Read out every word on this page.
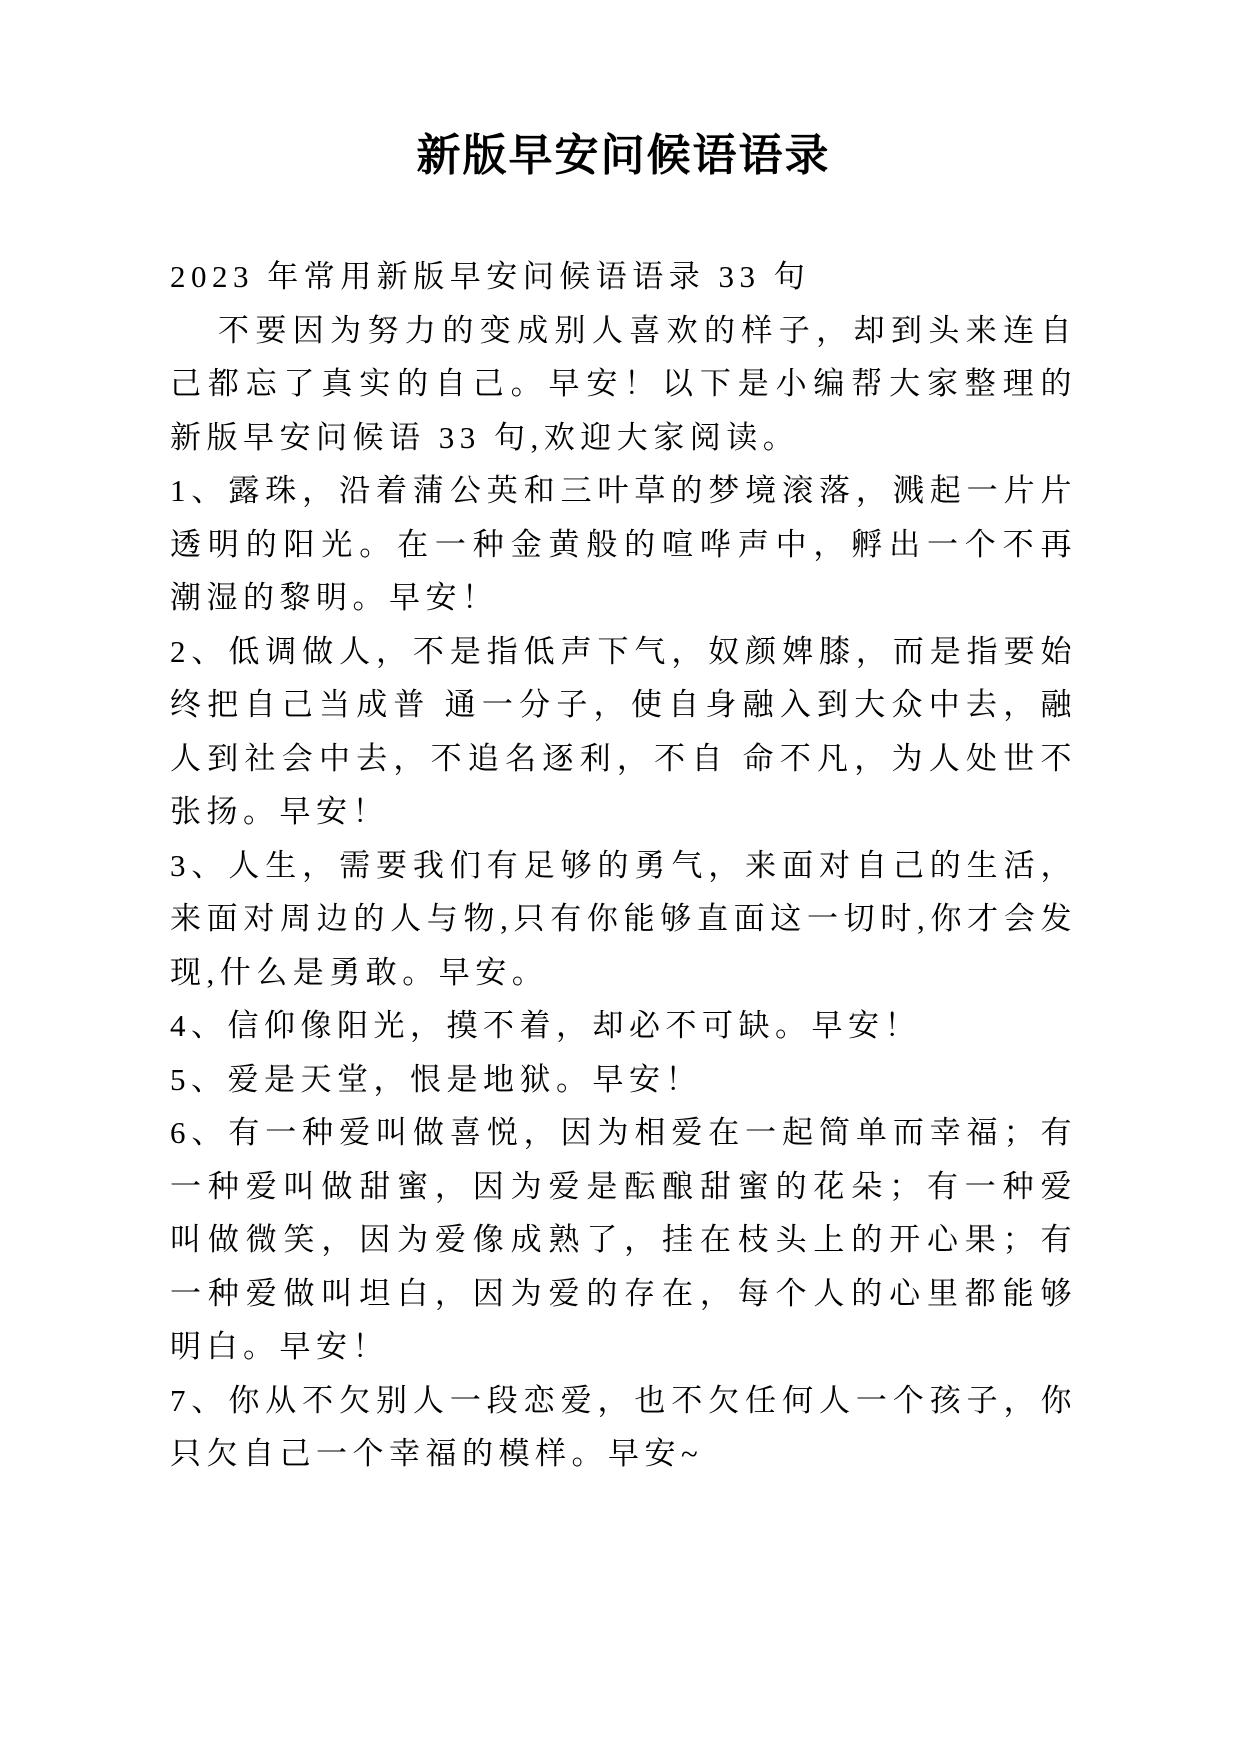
新版早安问候语语录

2023 年常用新版早安问候语语录 33 句

不要因为努力的变成别人喜欢的样子，却到头来连自己都忘了真实的自己。早安！以下是小编帮大家整理的新版早安问候语 33 句,欢迎大家阅读。

1、露珠，沿着蒲公英和三叶草的梦境滚落，溅起一片片透明的阳光。在一种金黄般的喧哗声中，孵出一个不再潮湿的黎明。早安！

2、低调做人，不是指低声下气，奴颜婢膝，而是指要始终把自己当成普 通一分子，使自身融入到大众中去，融人到社会中去，不追名逐利，不自 命不凡，为人处世不张扬。早安！

3、人生，需要我们有足够的勇气，来面对自己的生活，来面对周边的人与物,只有你能够直面这一切时,你才会发现,什么是勇敢。早安。

4、信仰像阳光，摸不着，却必不可缺。早安！

5、爱是天堂，恨是地狱。早安！

6、有一种爱叫做喜悦，因为相爱在一起简单而幸福；有一种爱叫做甜蜜，因为爱是酝酿甜蜜的花朵；有一种爱叫做微笑，因为爱像成熟了，挂在枝头上的开心果；有一种爱做叫坦白，因为爱的存在，每个人的心里都能够明白。早安！

7、你从不欠别人一段恋爱，也不欠任何人一个孩子，你只欠自己一个幸福的模样。早安~
